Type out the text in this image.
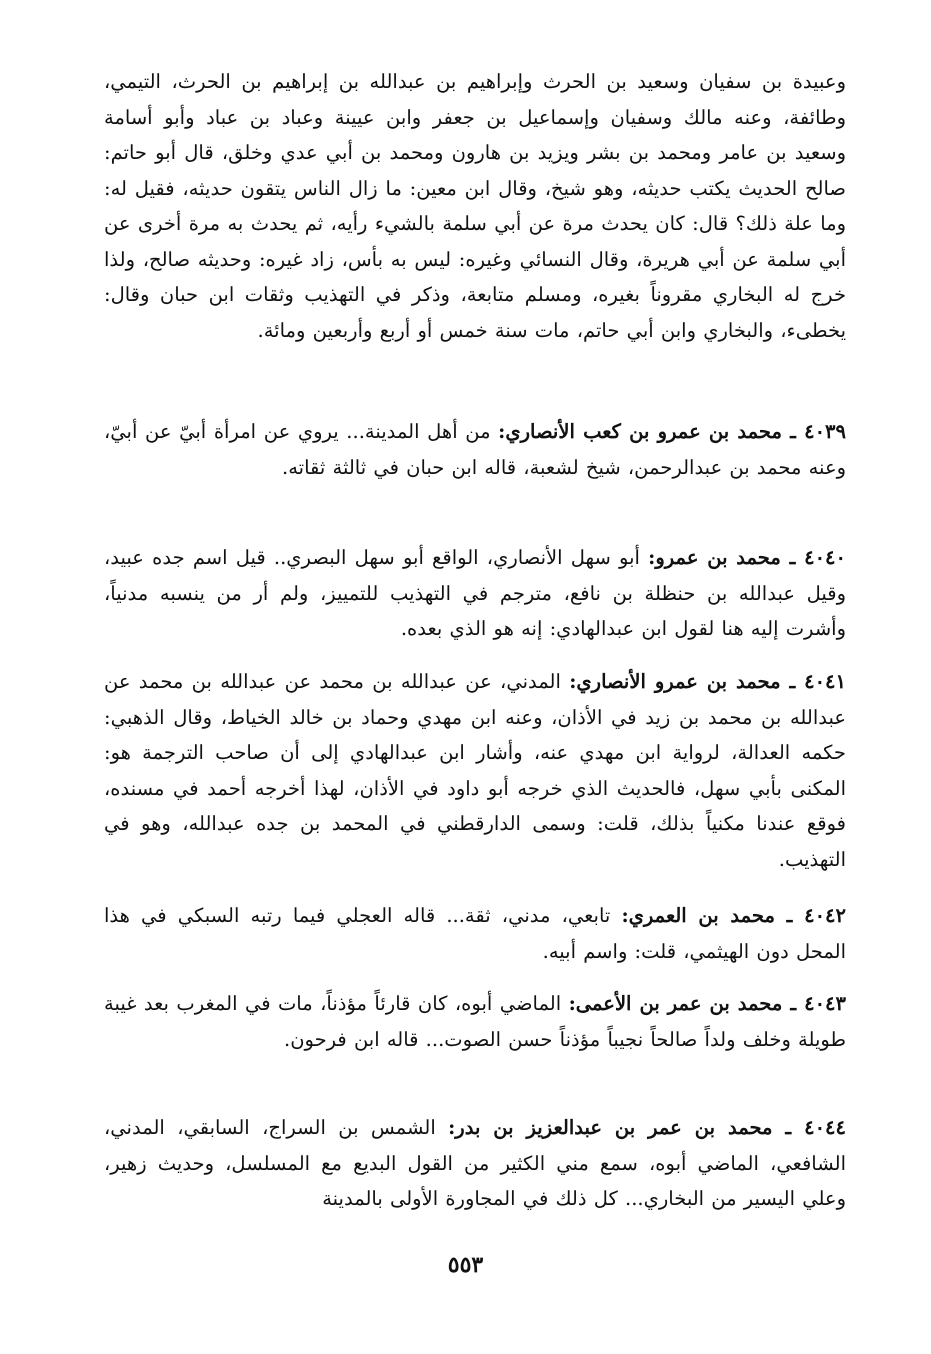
وعبيدة بن سفيان وسعيد بن الحرث وإبراهيم بن عبدالله بن إبراهيم بن الحرث، التيمي، وطائفة، وعنه مالك وسفيان وإسماعيل بن جعفر وابن عيينة وعباد بن عباد وأبو أسامة وسعيد بن عامر ومحمد بن بشر ويزيد بن هارون ومحمد بن أبي عدي وخلق، قال أبو حاتم: صالح الحديث يكتب حديثه، وهو شيخ، وقال ابن معين: ما زال الناس يتقون حديثه، فقيل له: وما علة ذلك؟ قال: كان يحدث مرة عن أبي سلمة بالشيء رأيه، ثم يحدث به مرة أخرى عن أبي سلمة عن أبي هريرة، وقال النسائي وغيره: ليس به بأس، زاد غيره: وحديثه صالح، ولذا خرج له البخاري مقروناً بغيره، ومسلم متابعة، وذكر في التهذيب وثقات ابن حبان وقال: يخطىء، والبخاري وابن أبي حاتم، مات سنة خمس أو أربع وأربعين ومائة.
٤٠٣٩ ـ محمد بن عمرو بن كعب الأنصاري: من أهل المدينة... يروي عن امرأة أبيّ عن أبيّ، وعنه محمد بن عبدالرحمن، شيخ لشعبة، قاله ابن حبان في ثالثة ثقاته.
٤٠٤٠ ـ محمد بن عمرو: أبو سهل الأنصاري، الواقع أبو سهل البصري.. قيل اسم جده عبيد، وقيل عبدالله بن حنظلة بن نافع، مترجم في التهذيب للتمييز، ولم أر من ينسبه مدنياً، وأشرت إليه هنا لقول ابن عبدالهادي: إنه هو الذي بعده.
٤٠٤١ ـ محمد بن عمرو الأنصاري: المدني، عن عبدالله بن محمد عن عبدالله بن محمد عن عبدالله بن محمد بن زيد في الأذان، وعنه ابن مهدي وحماد بن خالد الخياط، وقال الذهبي: حكمه العدالة، لرواية ابن مهدي عنه، وأشار ابن عبدالهادي إلى أن صاحب الترجمة هو: المكنى بأبي سهل، فالحديث الذي خرجه أبو داود في الأذان، لهذا أخرجه أحمد في مسنده، فوقع عندنا مكنياً بذلك، قلت: وسمى الدارقطني في المحمد بن جده عبدالله، وهو في التهذيب.
٤٠٤٢ ـ محمد بن العمري: تابعي، مدني، ثقة... قاله العجلي فيما رتبه السبكي في هذا المحل دون الهيثمي، قلت: واسم أبيه.
٤٠٤٣ ـ محمد بن عمر بن الأعمى: الماضي أبوه، كان قارئاً مؤذناً، مات في المغرب بعد غيبة طويلة وخلف ولداً صالحاً نجيباً مؤذناً حسن الصوت... قاله ابن فرحون.
٤٠٤٤ ـ محمد بن عمر بن عبدالعزيز بن بدر: الشمس بن السراج، السابقي، المدني، الشافعي، الماضي أبوه، سمع مني الكثير من القول البديع مع المسلسل، وحديث زهير، وعلي اليسير من البخاري... كل ذلك في المجاورة الأولى بالمدينة
٥٥٣
